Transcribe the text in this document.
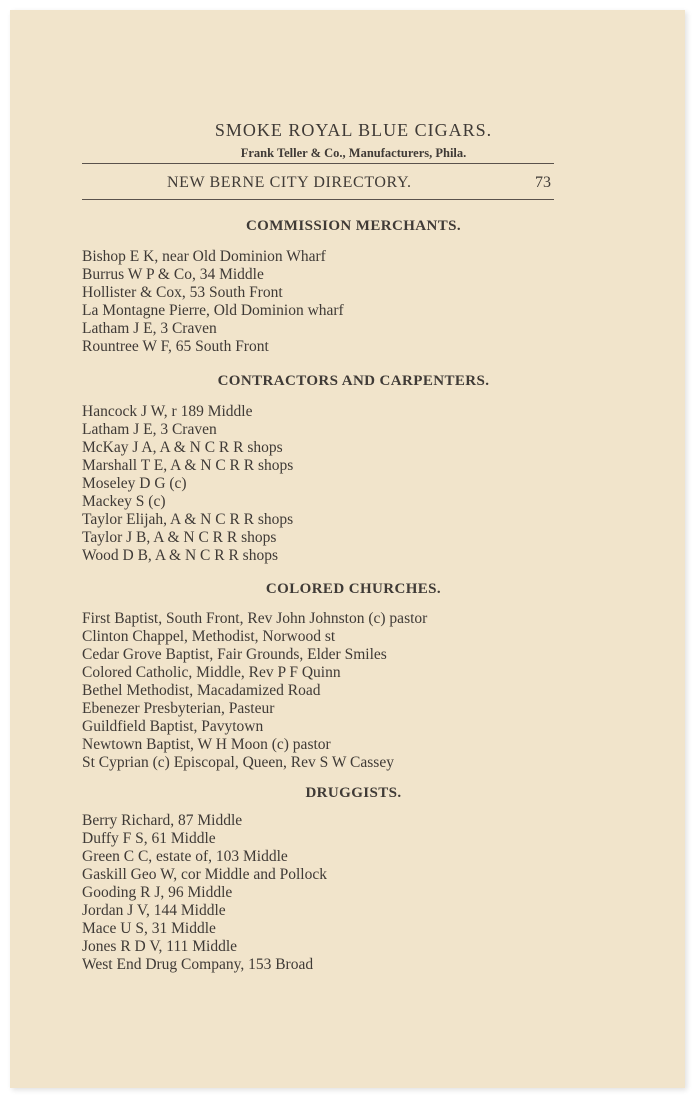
SMOKE ROYAL BLUE CIGARS.
Frank Teller & Co., Manufacturers, Phila.
NEW BERNE CITY DIRECTORY.	73
COMMISSION MERCHANTS.
Bishop E K, near Old Dominion Wharf
Burrus W P & Co, 34 Middle
Hollister & Cox, 53 South Front
La Montagne Pierre, Old Dominion wharf
Latham J E, 3 Craven
Rountree W F, 65 South Front
CONTRACTORS AND CARPENTERS.
Hancock J W, r 189 Middle
Latham J E, 3 Craven
McKay J A, A & N C R R shops
Marshall T E, A & N C R R shops
Moseley D G (c)
Mackey S (c)
Taylor Elijah, A & N C R R shops
Taylor J B, A & N C R R shops
Wood D B, A & N C R R shops
COLORED CHURCHES.
First Baptist, South Front, Rev John Johnston (c) pastor
Clinton Chappel, Methodist, Norwood st
Cedar Grove Baptist, Fair Grounds, Elder Smiles
Colored Catholic, Middle, Rev P F Quinn
Bethel Methodist, Macadamized Road
Ebenezer Presbyterian, Pasteur
Guildfield Baptist, Pavytown
Newtown Baptist, W H Moon (c) pastor
St Cyprian (c) Episcopal, Queen, Rev S W Cassey
DRUGGISTS.
Berry Richard, 87 Middle
Duffy F S, 61 Middle
Green C C, estate of, 103 Middle
Gaskill Geo W, cor Middle and Pollock
Gooding R J, 96 Middle
Jordan J V, 144 Middle
Mace U S, 31 Middle
Jones R D V, 111 Middle
West End Drug Company, 153 Broad
